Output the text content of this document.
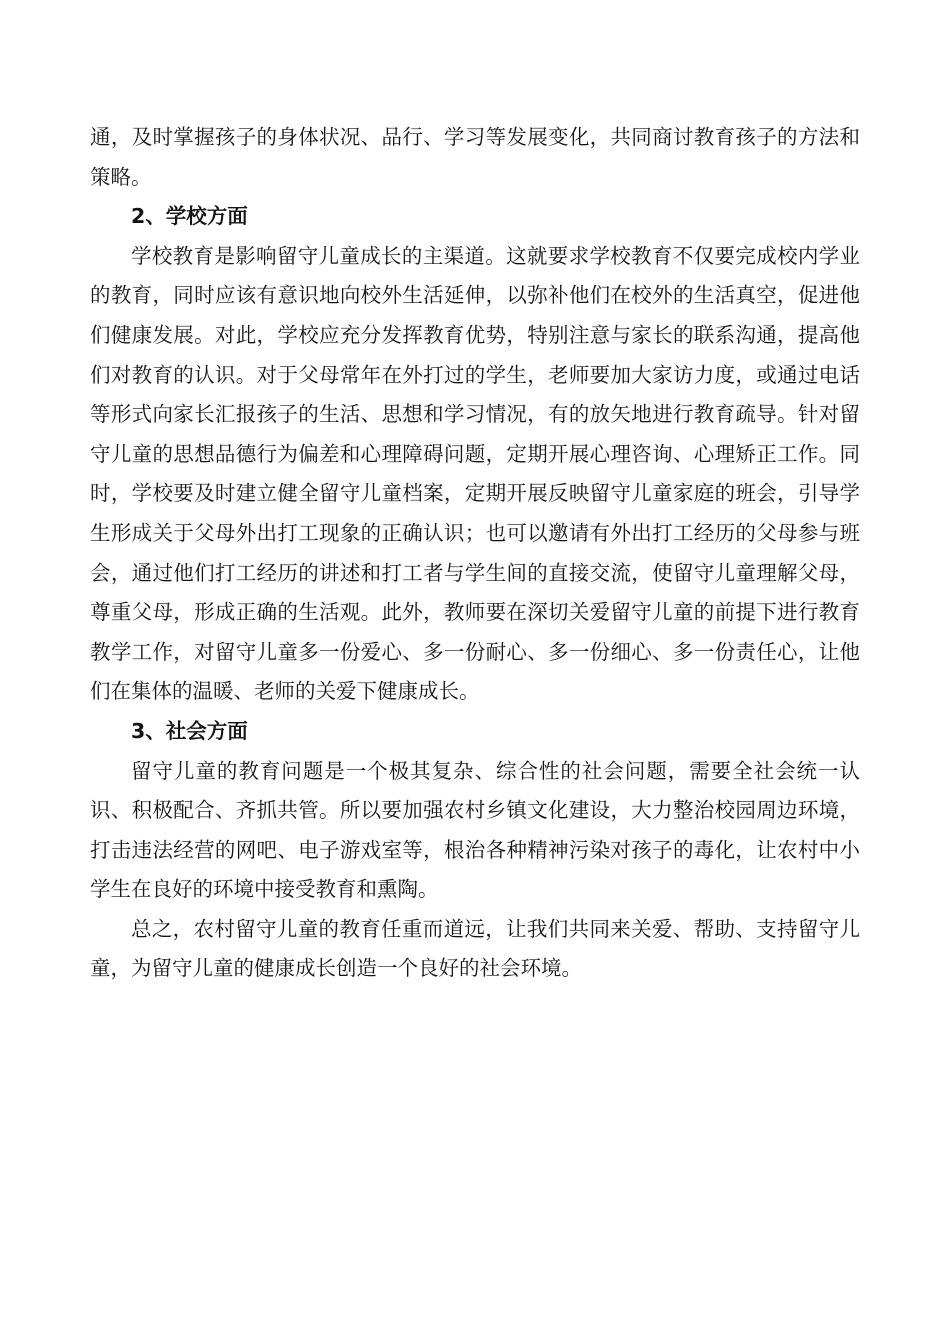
通，及时掌握孩子的身体状况、品行、学习等发展变化，共同商讨教育孩子的方法和策略。

2、学校方面

学校教育是影响留守儿童成长的主渠道。这就要求学校教育不仅要完成校内学业的教育，同时应该有意识地向校外生活延伸，以弥补他们在校外的生活真空，促进他们健康发展。对此，学校应充分发挥教育优势，特别注意与家长的联系沟通，提高他们对教育的认识。对于父母常年在外打过的学生，老师要加大家访力度，或通过电话等形式向家长汇报孩子的生活、思想和学习情况，有的放矢地进行教育疏导。针对留守儿童的思想品德行为偏差和心理障碍问题，定期开展心理咨询、心理矫正工作。同时，学校要及时建立健全留守儿童档案，定期开展反映留守儿童家庭的班会，引导学生形成关于父母外出打工现象的正确认识；也可以邀请有外出打工经历的父母参与班会，通过他们打工经历的讲述和打工者与学生间的直接交流，使留守儿童理解父母，尊重父母，形成正确的生活观。此外，教师要在深切关爱留守儿童的前提下进行教育教学工作，对留守儿童多一份爱心、多一份耐心、多一份细心、多一份责任心，让他们在集体的温暖、老师的关爱下健康成长。

3、社会方面

留守儿童的教育问题是一个极其复杂、综合性的社会问题，需要全社会统一认识、积极配合、齐抓共管。所以要加强农村乡镇文化建设，大力整治校园周边环境，打击违法经营的网吧、电子游戏室等，根治各种精神污染对孩子的毒化，让农村中小学生在良好的环境中接受教育和熏陶。

总之，农村留守儿童的教育任重而道远，让我们共同来关爱、帮助、支持留守儿童，为留守儿童的健康成长创造一个良好的社会环境。
